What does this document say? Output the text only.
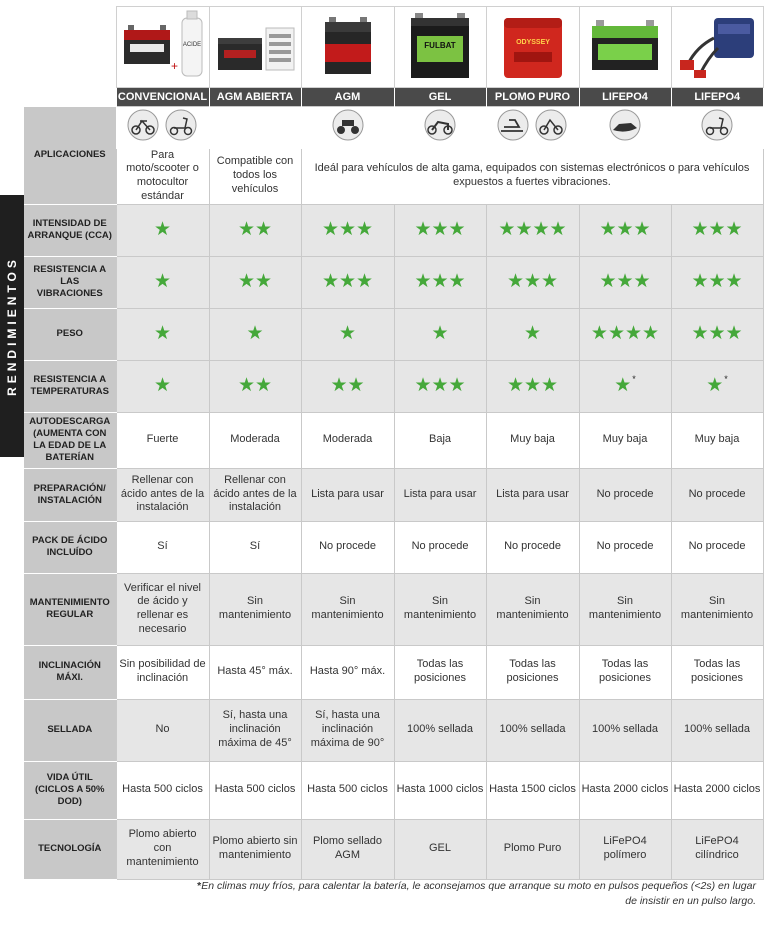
RENDIMIENTOS

+
ACIDE			FULBAT	ODYSSEY

	CONVENCIONAL	AGM ABIERTA	AGM	GEL	PLOMO PURO	LIFEPO4	LIFEPO4
APLICACIONES							
	Para moto/scooter o motocultor estándar	Compatible con todos los vehículos	Ideál para vehículos de alta gama, equipados con sistemas electrónicos o para vehículos expuestos a fuertes vibraciones.				
INTENSIDAD DE ARRANQUE (CCA)	★	★★	★★★	★★★	★★★★	★★★	★★★
RESISTENCIA A LAS VIBRACIONES	★	★★	★★★	★★★	★★★	★★★	★★★
PESO	★	★	★	★	★	★★★★	★★★
RESISTENCIA A TEMPERATURAS	★	★★	★★	★★★	★★★	★*	★*
AUTODESCARGA (AUMENTA CON LA EDAD DE LA BATERÍAN	Fuerte	Moderada	Moderada	Baja	Muy baja	Muy baja	Muy baja
PREPARACIÓN/ INSTALACIÓN	Rellenar con ácido antes de la instalación	Rellenar con ácido antes de la instalación	Lista para usar	Lista para usar	Lista para usar	No procede	No procede
PACK DE ÁCIDO INCLUÍDO	Sí	Sí	No procede	No procede	No procede	No procede	No procede
MANTENIMIENTO REGULAR	Verificar el nivel de ácido y rellenar es necesario	Sin mantenimiento	Sin mantenimiento	Sin mantenimiento	Sin mantenimiento	Sin mantenimiento	Sin mantenimiento
INCLINACIÓN MÁXI.	Sin posibilidad de inclinación	Hasta 45° máx.	Hasta 90° máx.	Todas las posiciones	Todas las posiciones	Todas las posiciones	Todas las posiciones
SELLADA	No	Sí, hasta una inclinación máxima de 45°	Sí, hasta una inclinación máxima de 90°	100% sellada	100% sellada	100% sellada	100% sellada
VIDA ÚTIL (CICLOS A 50% DOD)	Hasta 500 ciclos	Hasta 500 ciclos	Hasta 500 ciclos	Hasta 1000 ciclos	Hasta 1500 ciclos	Hasta 2000 ciclos	Hasta 2000 ciclos
TECNOLOGÍA	Plomo abierto con mantenimiento	Plomo abierto sin mantenimiento	Plomo sellado AGM	GEL	Plomo Puro	LiFePO4 polímero	LiFePO4 cilíndrico
*En climas muy fríos, para calentar la batería, le aconsejamos que arranque su moto en pulsos pequeños (<2s) en lugar de insistir en un pulso largo.
